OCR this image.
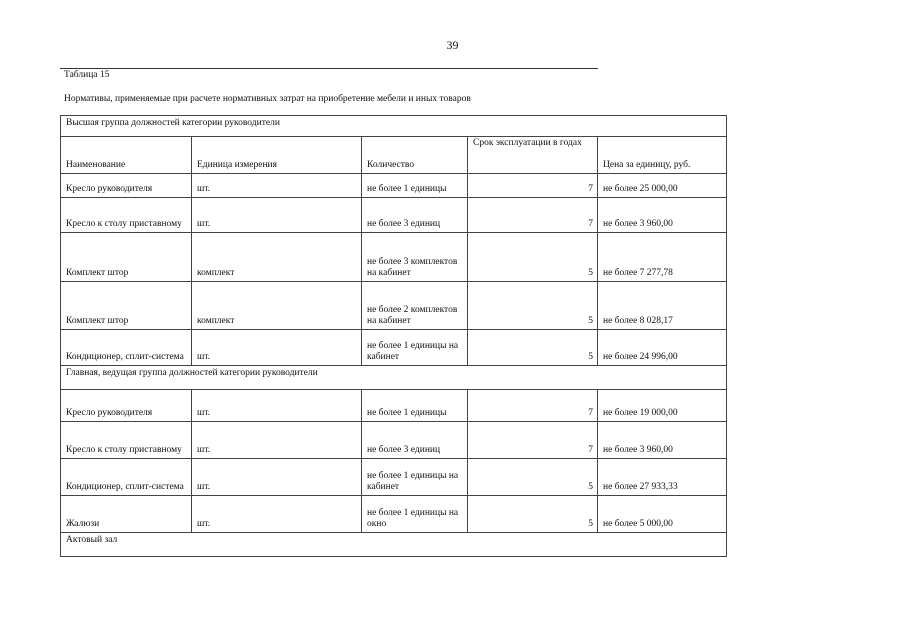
39
Таблица 15
Нормативы, применяемые при расчете нормативных затрат на приобретение мебели и иных товаров
Высшая группа должностей категории руководители				
Наименование	Единица измерения	Количество	Срок эксплуатации в годах	Цена за единицу, руб.
Кресло руководителя	шт.	не более 1 единицы	7	не более 25 000,00
Кресло к столу приставному	шт.	не более 3 единиц	7	не более 3 960,00
Комплект штор	комплект	не более 3 комплектов на кабинет	5	не более 7 277,78
Комплект штор	комплект	не более 2 комплектов на кабинет	5	не более 8 028,17
Кондиционер, сплит-система	шт.	не более 1 единицы на кабинет	5	не более 24 996,00
Главная, ведущая группа должностей категории руководители				
Кресло руководителя	шт.	не более 1 единицы	7	не более 19 000,00
Кресло к столу приставному	шт.	не более 3 единиц	7	не более 3 960,00
Кондиционер, сплит-система	шт.	не более 1 единицы на кабинет	5	не более 27 933,33
Жалюзи	шт.	не более 1 единицы на окно	5	не более 5 000,00
Актовый зал				
